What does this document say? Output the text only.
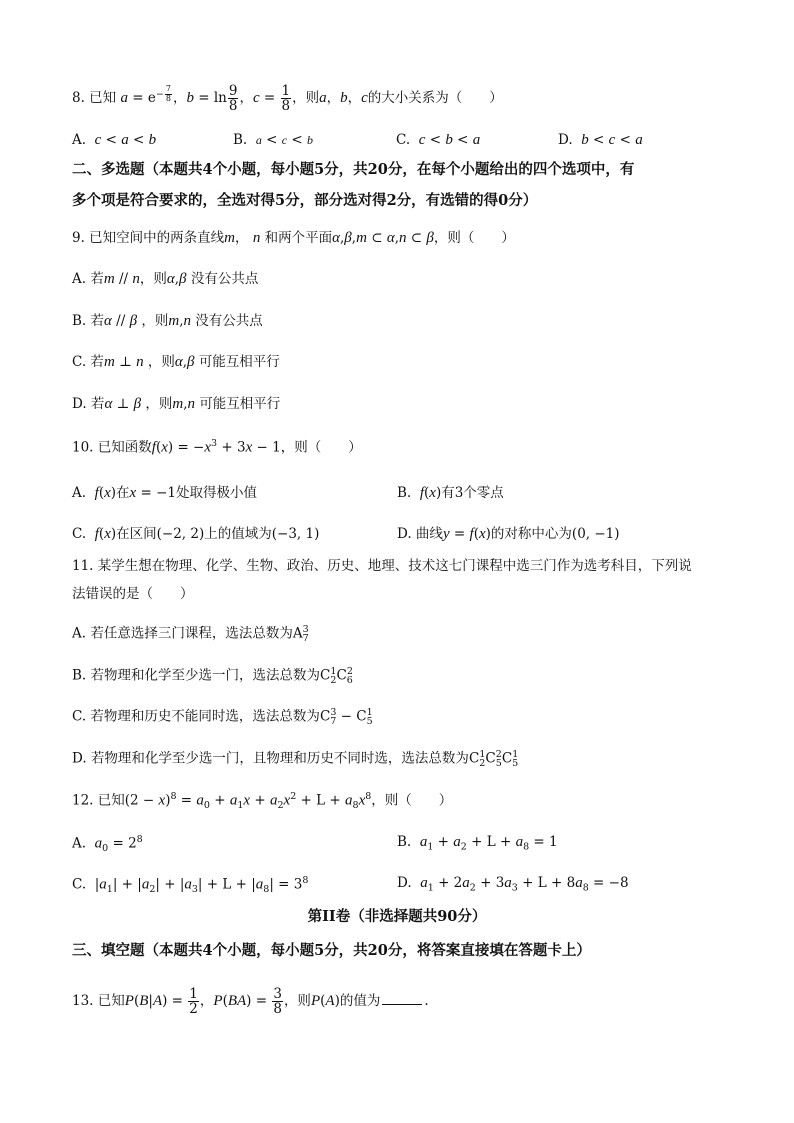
8. 已知 $a = e^{- \frac{7}{8}}$ ，$b = \ln \frac{9}{8}$ ，$c = \frac{1}{8}$ ，则a，b，c的大小关系为（　　）
A. c < a < b	B. a < c < b	C. c < b < a	D. b < c < a
二、多选题（本题共4个小题，每小题5分，共20分，在每个小题给出的四个选项中，有
多个项是符合要求的，全选对得5分，部分选对得2分，有选错的得0分）
9. 已知空间中的两条直线m， n 和两个平面α,β,m ⊂ α,n ⊂ β，则（　　）
A. 若m // n，则α,β 没有公共点
B. 若α // β ，则m,n 没有公共点
C. 若m ⊥ n ，则α,β 可能互相平行
D. 若α ⊥ β ，则m,n 可能互相平行
10. 已知函数$f(x) = -x^3 + 3x - 1$，则（　　）
A. f(x)在x = −1处取得极小值	B. f(x)有3个零点
C. f(x)在区间(−2, 2)上的值域为(−3, 1)	D. 曲线y = f(x)的对称中心为(0, −1)
11. 某学生想在物理、化学、生物、政治、历史、地理、技术这七门课程中选三门作为选考科目，下列说
法错误的是（　　）
A. 若任意选择三门课程，选法总数为$A_7^3$
B. 若物理和化学至少选一门，选法总数为$C_2^1C_6^2$
C. 若物理和历史不能同时选，选法总数为$C_7^3 - C_5^1$
D. 若物理和化学至少选一门，且物理和历史不同时选，选法总数为$C_2^1C_5^2C_5^1$
12. 已知$(2 - x)^8 = a_0 + a_1x + a_2x^2 + L + a_8x^8$，则（　　）
A. $a_0 = 2^8$	B. $a_1 + a_2 + L + a_8 = 1$
C.  $|a_1| + |a_2| + |a_3| + L + |a_8| = 3^8$	D. $a_1 + 2a_2 + 3a_3 + L + 8a_8 = -8$
第II卷（非选择题共90分）
三、填空题（本题共4个小题，每小题5分，共20分，将答案直接填在答题卡上）
13. 已知$P(B|A) = \frac{1}{2}$ ，$P(BA) = \frac{3}{8}$ ，则P(A)的值为	.
